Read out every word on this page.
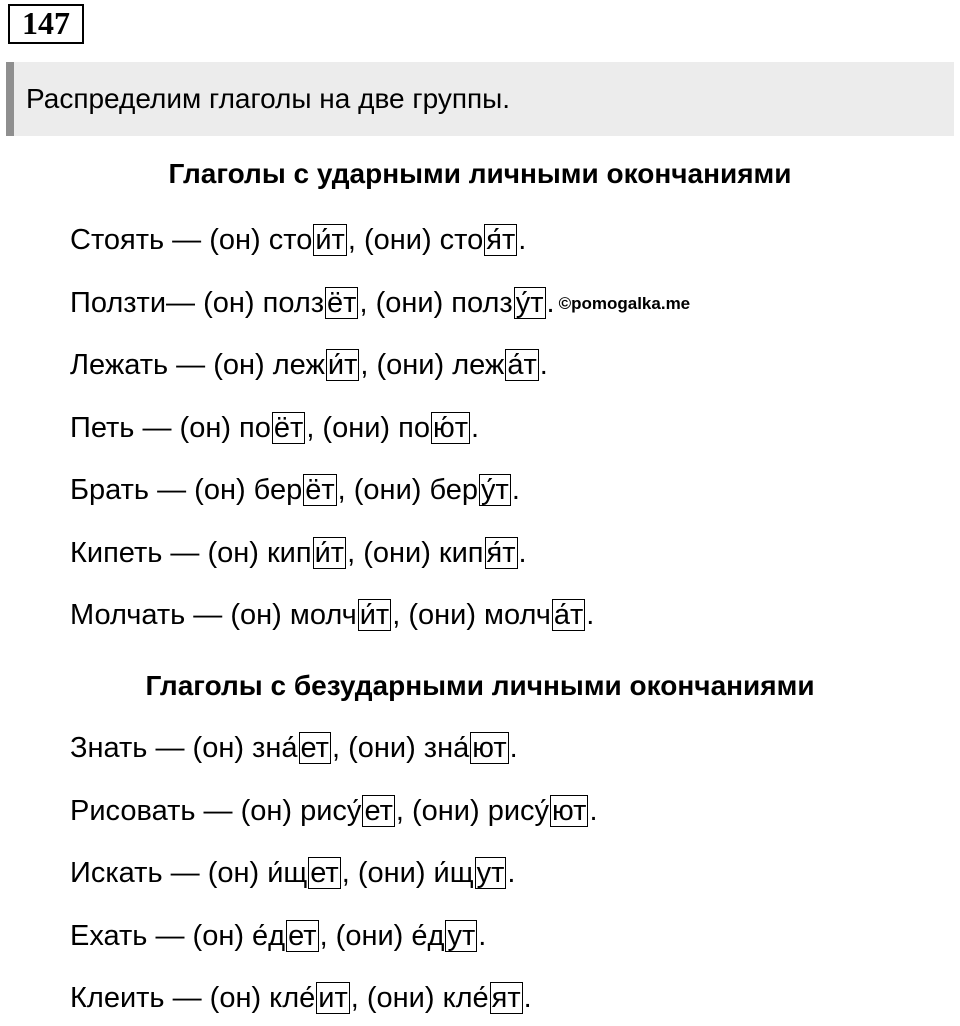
147
Распределим глаголы на две группы.
Глаголы с ударными личными окончаниями
Стоять — (он) сто и́т , (они) сто я́т .
Ползти— (он) полз ёт , (они) полз у́т . ©pomogalka.me
Лежать — (он) леж и́т , (они) леж а́т .
Петь — (он) по ёт , (они) по ю́т .
Брать — (он) бер ёт , (они) бер у́т .
Кипеть — (он) кип и́т , (они) кип я́т .
Молчать — (он) молч и́т , (они) молч а́т .
Глаголы с безударными личными окончаниями
Знать — (он) зна́ ет , (они) зна́ ют .
Рисовать — (он) рису́ ет , (они) рису́ ют .
Искать — (он) и́щ ет , (они) и́щ ут .
Ехать — (он) е́д ет , (они) е́д ут .
Клеить — (он) кле́ ит , (они) кле́ ят .
